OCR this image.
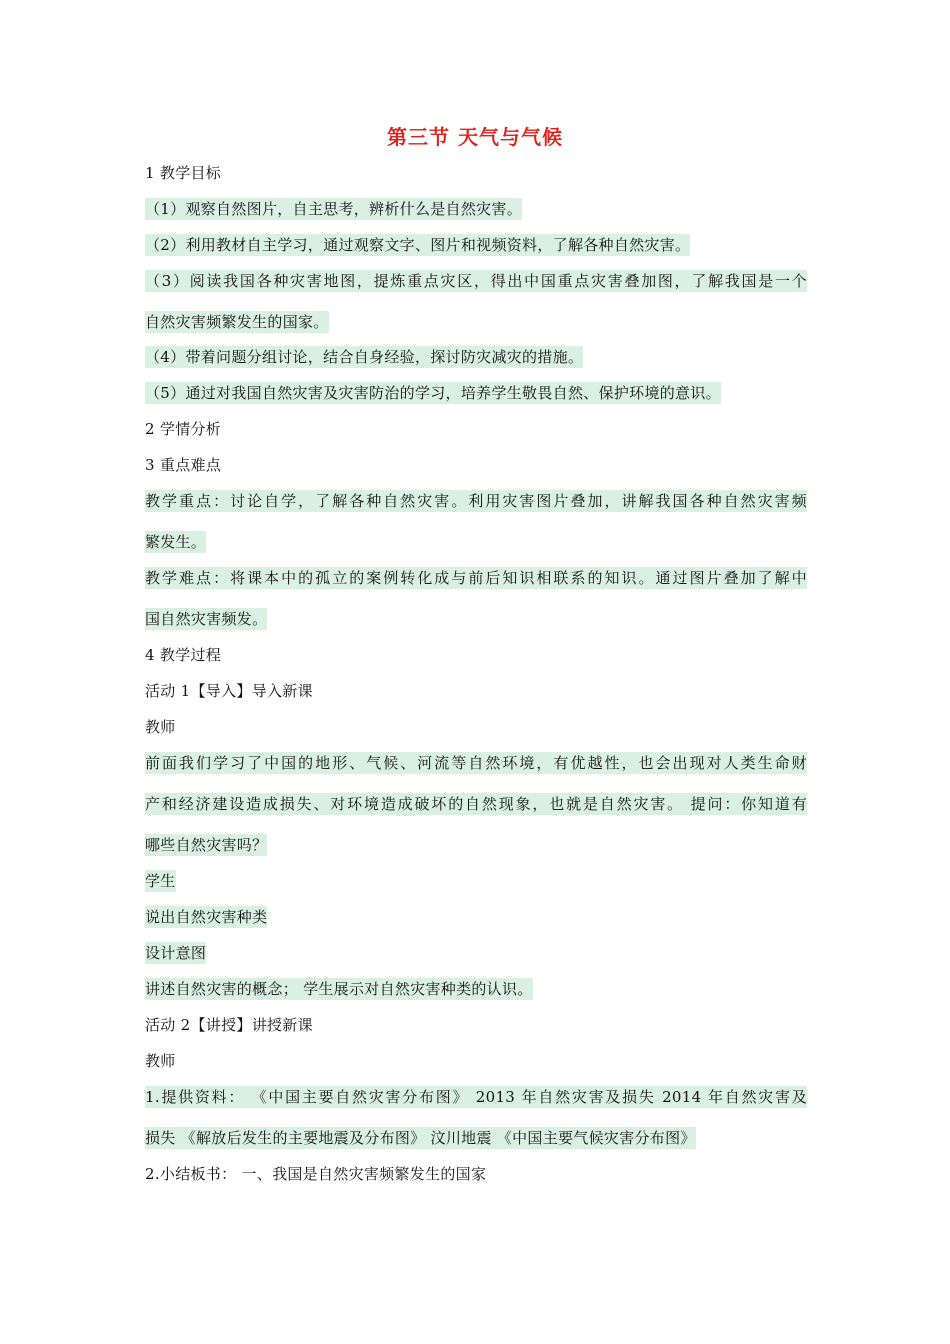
第三节 天气与气候
1 教学目标
（1）观察自然图片，自主思考，辨析什么是自然灾害。
（2）利用教材自主学习，通过观察文字、图片和视频资料，了解各种自然灾害。
（3）阅读我国各种灾害地图，提炼重点灾区，得出中国重点灾害叠加图，了解我国是一个
自然灾害频繁发生的国家。
（4）带着问题分组讨论，结合自身经验，探讨防灾减灾的措施。
（5）通过对我国自然灾害及灾害防治的学习，培养学生敬畏自然、保护环境的意识。
2 学情分析
3 重点难点
教学重点：讨论自学，了解各种自然灾害。利用灾害图片叠加，讲解我国各种自然灾害频
繁发生。
教学难点：将课本中的孤立的案例转化成与前后知识相联系的知识。通过图片叠加了解中
国自然灾害频发。
4 教学过程
活动 1【导入】导入新课
教师
前面我们学习了中国的地形、气候、河流等自然环境，有优越性，也会出现对人类生命财
产和经济建设造成损失、对环境造成破坏的自然现象，也就是自然灾害。 提问：你知道有
哪些自然灾害吗？
学生
说出自然灾害种类
设计意图
讲述自然灾害的概念； 学生展示对自然灾害种类的认识。
活动 2【讲授】讲授新课
教师
1.提供资料： 《中国主要自然灾害分布图》 2013 年自然灾害及损失 2014 年自然灾害及
损失 《解放后发生的主要地震及分布图》 汶川地震 《中国主要气候灾害分布图》
2.小结板书： 一、我国是自然灾害频繁发生的国家
